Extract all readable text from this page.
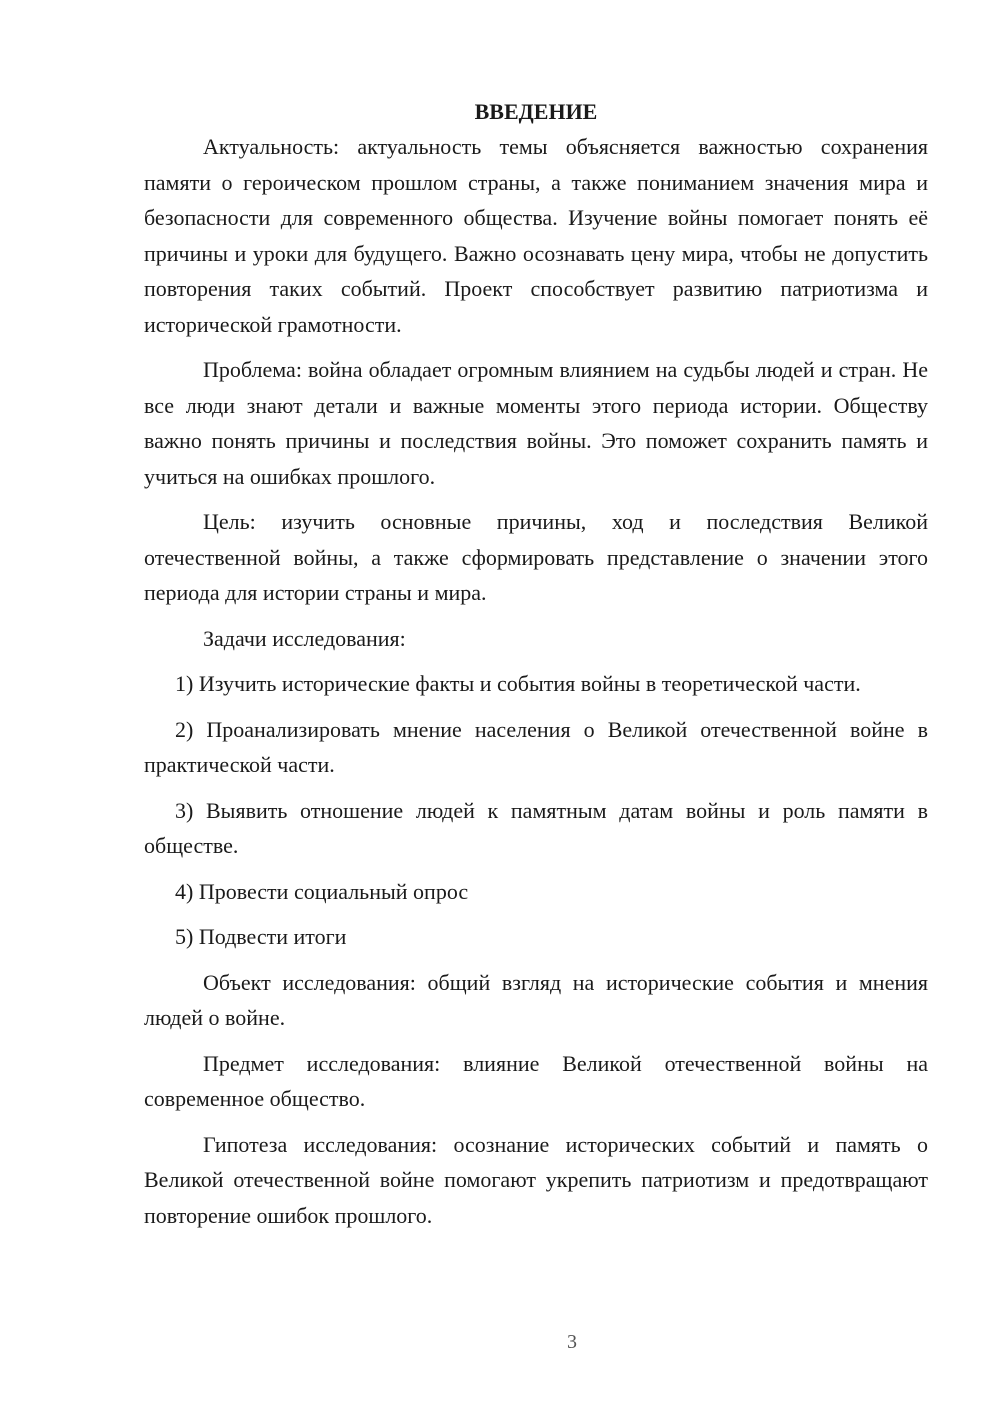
ВВЕДЕНИЕ

Актуальность: актуальность темы объясняется важностью сохранения памяти о героическом прошлом страны, а также пониманием значения мира и безопасности для современного общества. Изучение войны помогает понять её причины и уроки для будущего. Важно осознавать цену мира, чтобы не допустить повторения таких событий. Проект способствует развитию патриотизма и исторической грамотности.

Проблема: война обладает огромным влиянием на судьбы людей и стран. Не все люди знают детали и важные моменты этого периода истории. Обществу важно понять причины и последствия войны. Это поможет сохранить память и учиться на ошибках прошлого.

Цель: изучить основные причины, ход и последствия Великой отечественной войны, а также сформировать представление о значении этого периода для истории страны и мира.

Задачи исследования:

1) Изучить исторические факты и события войны в теоретической части.

2) Проанализировать мнение населения о Великой отечественной войне в практической части.

3) Выявить отношение людей к памятным датам войны и роль памяти в обществе.

4) Провести социальный опрос

5) Подвести итоги

Объект исследования: общий взгляд на исторические события и мнения людей о войне.

Предмет исследования: влияние Великой отечественной войны на современное общество.

Гипотеза исследования: осознание исторических событий и память о Великой отечественной войне помогают укрепить патриотизм и предотвращают повторение ошибок прошлого.

3
